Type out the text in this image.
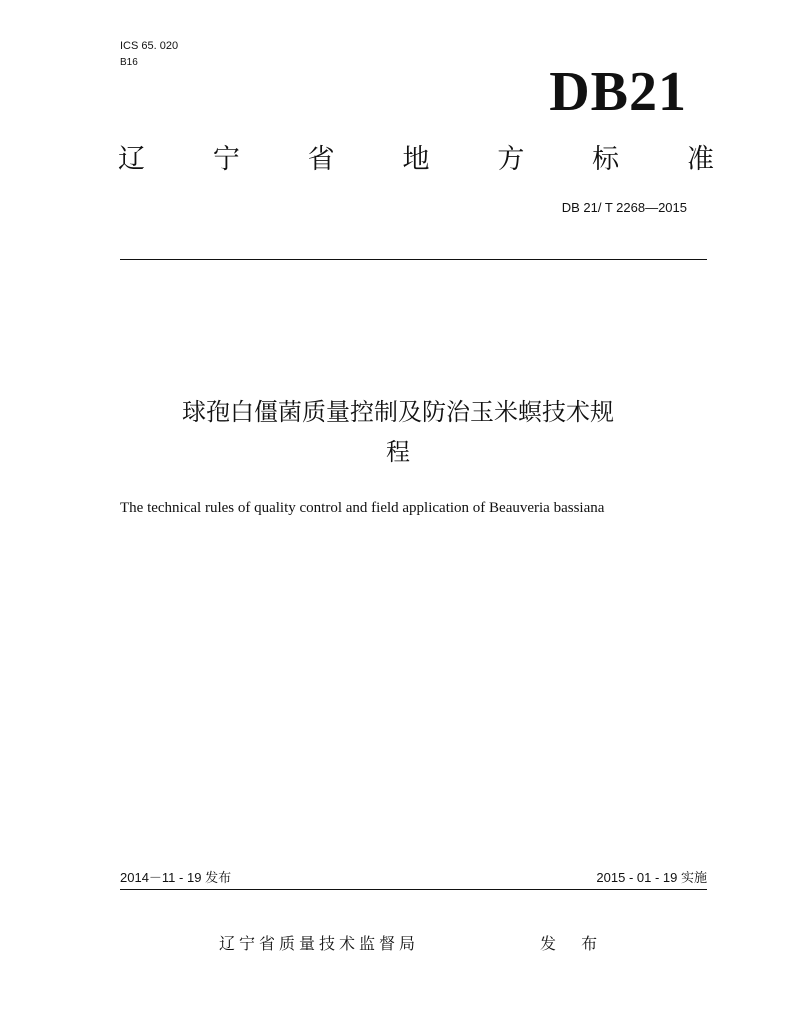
ICS 65. 020
B16	DB21
辽	宁	省	地	方	标	准
DB 21/ T 2268—2015
球孢白僵菌质量控制及防治玉米螟技术规
程
The technical rules of quality control and field application of Beauveria bassiana
2014－11 - 19 发布	2015 - 01 - 19 实施
辽宁省质量技术监督局	发 布
